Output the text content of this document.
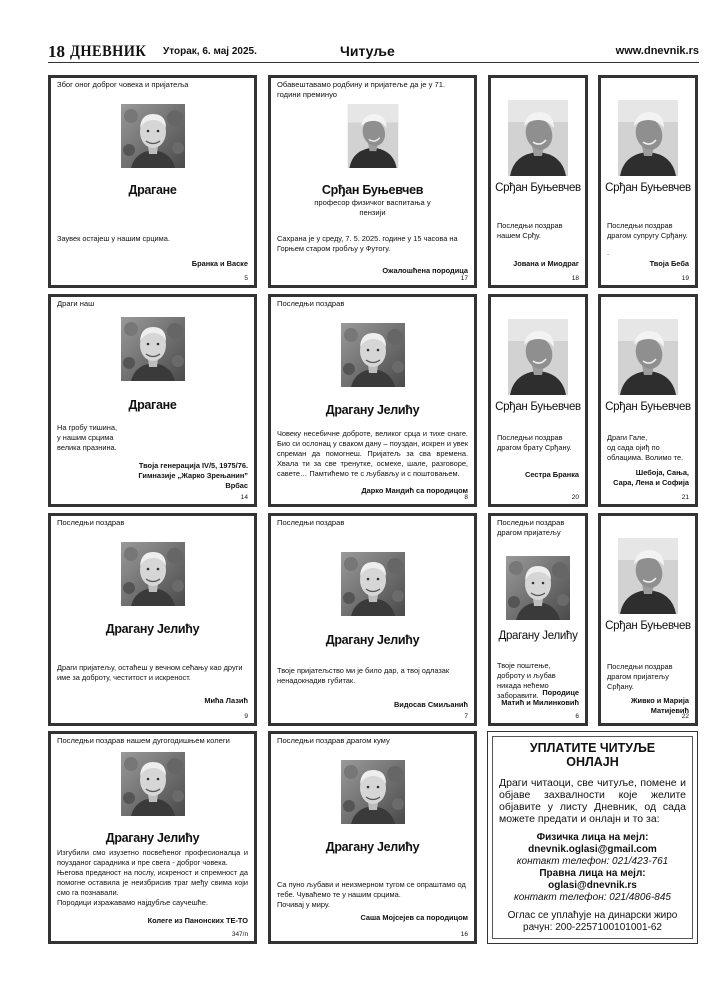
18 ДНЕВНИК Уторак, 6. мај 2025.	Читуље	www.dnevnik.rs
Због оног доброг човека и пријатеља
Драгане
Заувек остајеш у нашим срцима.
Бранка и Васке
5
Обавештавамо родбину и пријатеље да је у 71. години преминуо
Срђан Буњевчев
професор физичког васпитања у пензији
Сахрана је у среду, 7. 5. 2025. године у 15 часова на Горњем старом гробљу у Футогу.
Ожалошћена породица
17
Срђан Буњевчев
Последњи поздрав нашем Срђу.
Јована и Миодраг
18
Срђан Буњевчев
Последњи поздрав драгом супругу Срђану.
.
Твоја Беба
19
Драги наш
Драгане
На гробу тишина,
у нашим срцима
велика празнина.
Твоја генерација IV/5, 1975/76.
Гимназије „Жарко Зрењанин”
Врбас
14
Последњи поздрав
Драгану Јелићу
Човеку несебичне доброте, великог срца и тихе снаге. Био си ослонац у сваком дану – поуздан, искрен и увек спреман да помогнеш. Пријатељ за сва времена. Хвала ти за све тренутке, осмехе, шале, разговоре, савете… Памтићемо те с љубављу и с поштовањем.
Дарко Мандић са породицом
8
Срђан Буњевчев
Последњи поздрав драгом брату Срђану.
Сестра Бранка
20
Срђан Буњевчев
Драги Гале,
од сада ојиђ по облацима. Волимо те.
Шебоја, Сања,
Сара, Лена и Софија
21
Последњи поздрав
Драгану Јелићу
Драги пријатељу, остаћеш у вечном сећању као други име за доброту, честитост и искреност.
Мића Лазић
9
Последњи поздрав
Драгану Јелићу
Твоје пријатељство ми је било дар, а твој одлазак ненадокнадив губитак.
Видосав Смиљанић
7
Последњи поздрав драгом пријатељу
Драгану Јелићу
Твоје поштење, доброту и љубав никада нећемо заборавити. Породице
Матић и Милинковић
6
Срђан Буњевчев
Последњи поздрав драгом пријатељу Срђану.
Живко и Марија Матијевић
22
Последњи поздрав нашем дугогодишњем колеги
Драгану Јелићу
Изгубили смо изузетно посвећеног професионалца и поузданог сарадника и пре свега - доброг човека.
Његова преданост на послу, искреност и спремност да помогне оставила је неизбрисив траг међу свима који смо га познавали.
Породици изражавамо најдубље саучешће.
Колеге из Панонских ТЕ-ТО
347/п
Последњи поздрав драгом куму
Драгану Јелићу
Са пуно љубави и неизмерном тугом се опраштамо од тебе. Чуваћемо те у нашим срцима.
Почивај у миру.
Саша Мојсејев са породицом
16
УПЛАТИТЕ ЧИТУЉЕ
ОНЛАЈН
Драги читаоци, све читуље, помене и објаве захвалности које желите објавите у листу Дневник, од сада можете предати и онлајн и то за:
Физичка лица на мејл:
dnevnik.oglasi@gmail.com
контакт телефон: 021/423-761
Правна лица на мејл:
oglasi@dnevnik.rs
контакт телефон: 021/4806-845
Оглас се уплаћује на динарски жиро
рачун: 200-2257100101001-62
